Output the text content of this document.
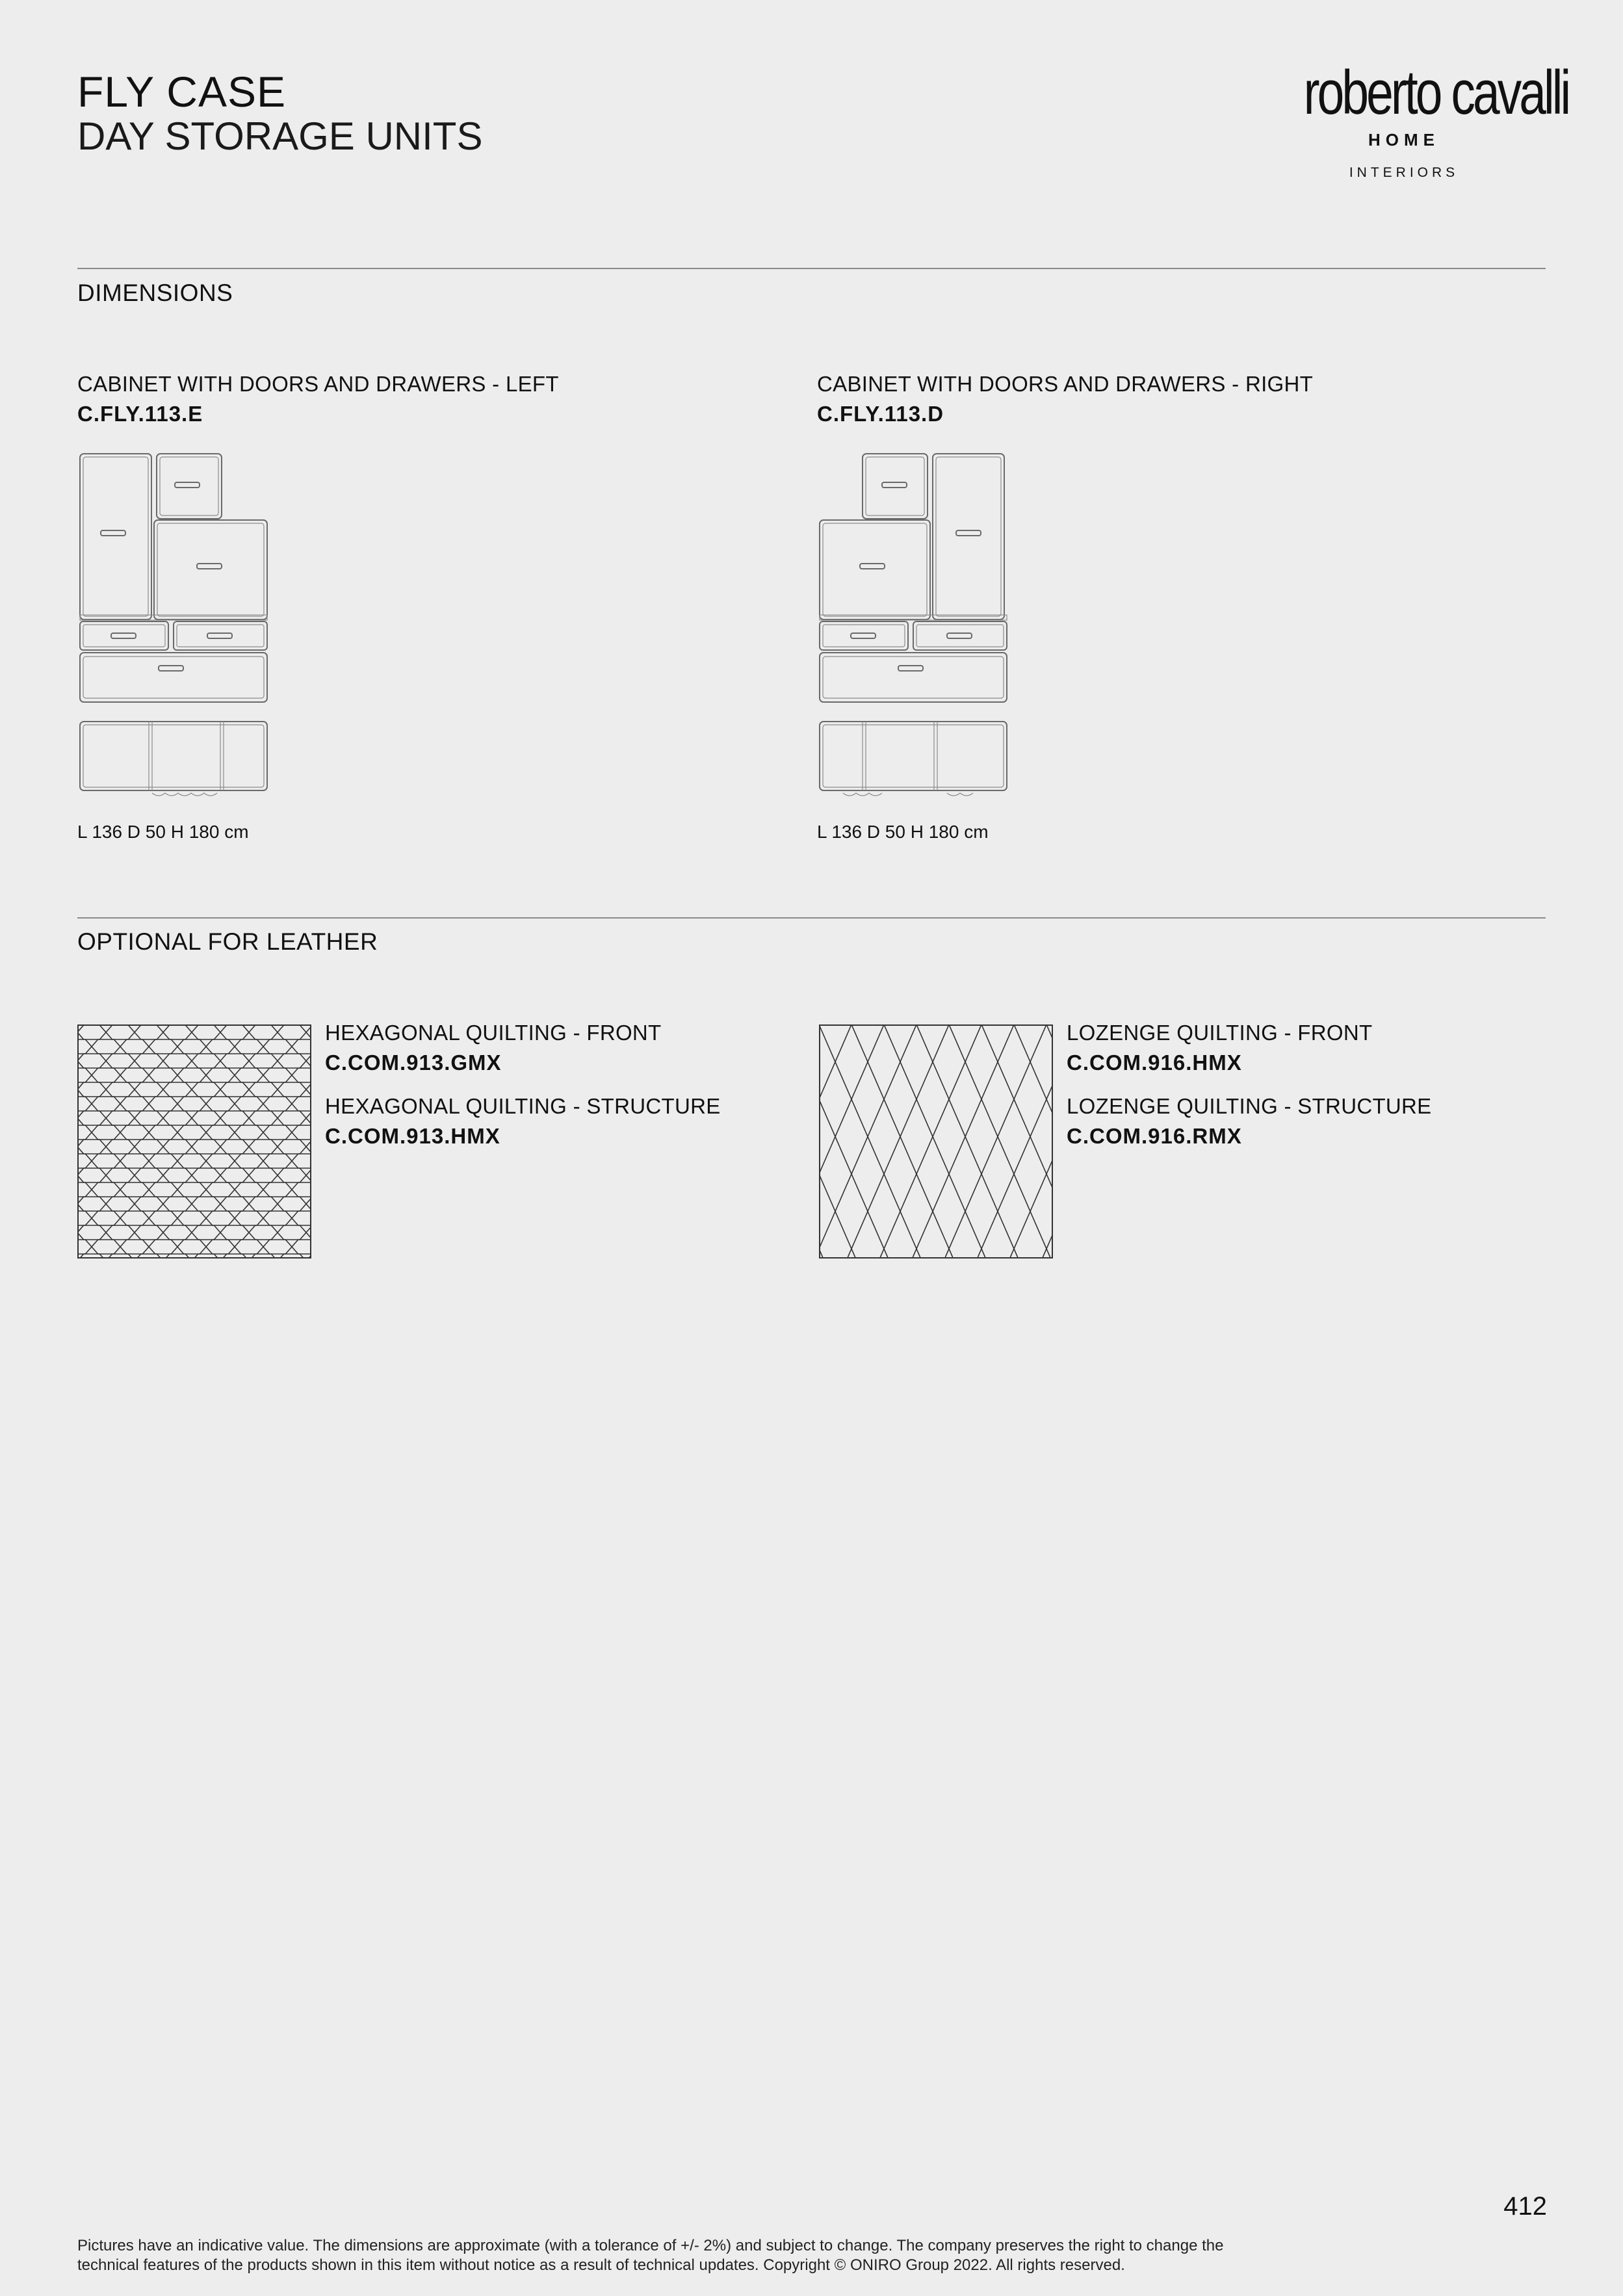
FLY CASE
DAY STORAGE UNITS
roberto cavalli
HOME
INTERIORS
DIMENSIONS
CABINET WITH DOORS AND DRAWERS - LEFT
C.FLY.113.E
L 136 D 50 H 180 cm
CABINET WITH DOORS AND DRAWERS - RIGHT
C.FLY.113.D
L 136 D 50 H 180 cm
OPTIONAL FOR LEATHER
HEXAGONAL QUILTING - FRONT
C.COM.913.GMX
HEXAGONAL QUILTING - STRUCTURE
C.COM.913.HMX
LOZENGE QUILTING - FRONT
C.COM.916.HMX
LOZENGE QUILTING - STRUCTURE
C.COM.916.RMX
412
Pictures have an indicative value. The dimensions are approximate (with a tolerance of +/- 2%) and subject to change. The company preserves the right to change the
technical features of the products shown in this item without notice as a result of technical updates. Copyright © ONIRO Group 2022. All rights reserved.
